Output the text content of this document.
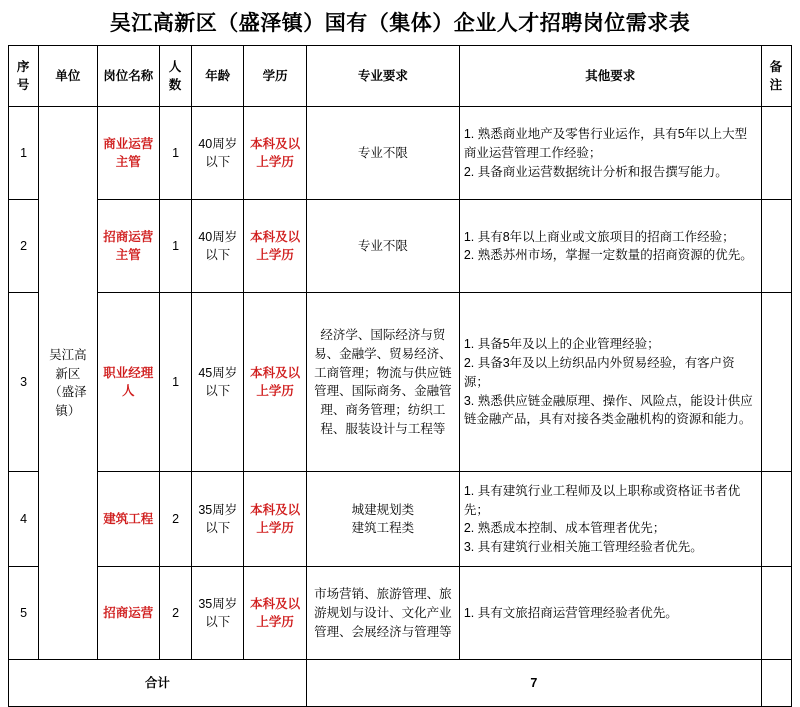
吴江高新区（盛泽镇）国有（集体）企业人才招聘岗位需求表
序号	单位	岗位名称	人数	年龄	学历	专业要求	其他要求	备注
1	吴江高新区（盛泽镇）	商业运营主管	1	40周岁以下	本科及以上学历	专业不限	1. 熟悉商业地产及零售行业运作，具有5年以上大型商业运营管理工作经验；
2. 具备商业运营数据统计分析和报告撰写能力。	
2		招商运营主管	1	40周岁以下	本科及以上学历	专业不限	1. 具有8年以上商业或文旅项目的招商工作经验；
2. 熟悉苏州市场，掌握一定数量的招商资源的优先。	
3		职业经理人	1	45周岁以下	本科及以上学历	经济学、国际经济与贸易、金融学、贸易经济、工商管理；物流与供应链管理、国际商务、金融管理、商务管理；纺织工程、服装设计与工程等	1. 具备5年及以上的企业管理经验；
2. 具备3年及以上纺织品内外贸易经验，有客户资源；
3. 熟悉供应链金融原理、操作、风险点，能设计供应链金融产品，具有对接各类金融机构的资源和能力。	
4		建筑工程	2	35周岁以下	本科及以上学历	城建规划类
建筑工程类	1. 具有建筑行业工程师及以上职称或资格证书者优先；
2. 熟悉成本控制、成本管理者优先；
3. 具有建筑行业相关施工管理经验者优先。	
5		招商运营	2	35周岁以下	本科及以上学历	市场营销、旅游管理、旅游规划与设计、文化产业管理、会展经济与管理等	1. 具有文旅招商运营管理经验者优先。	
合计						7		
